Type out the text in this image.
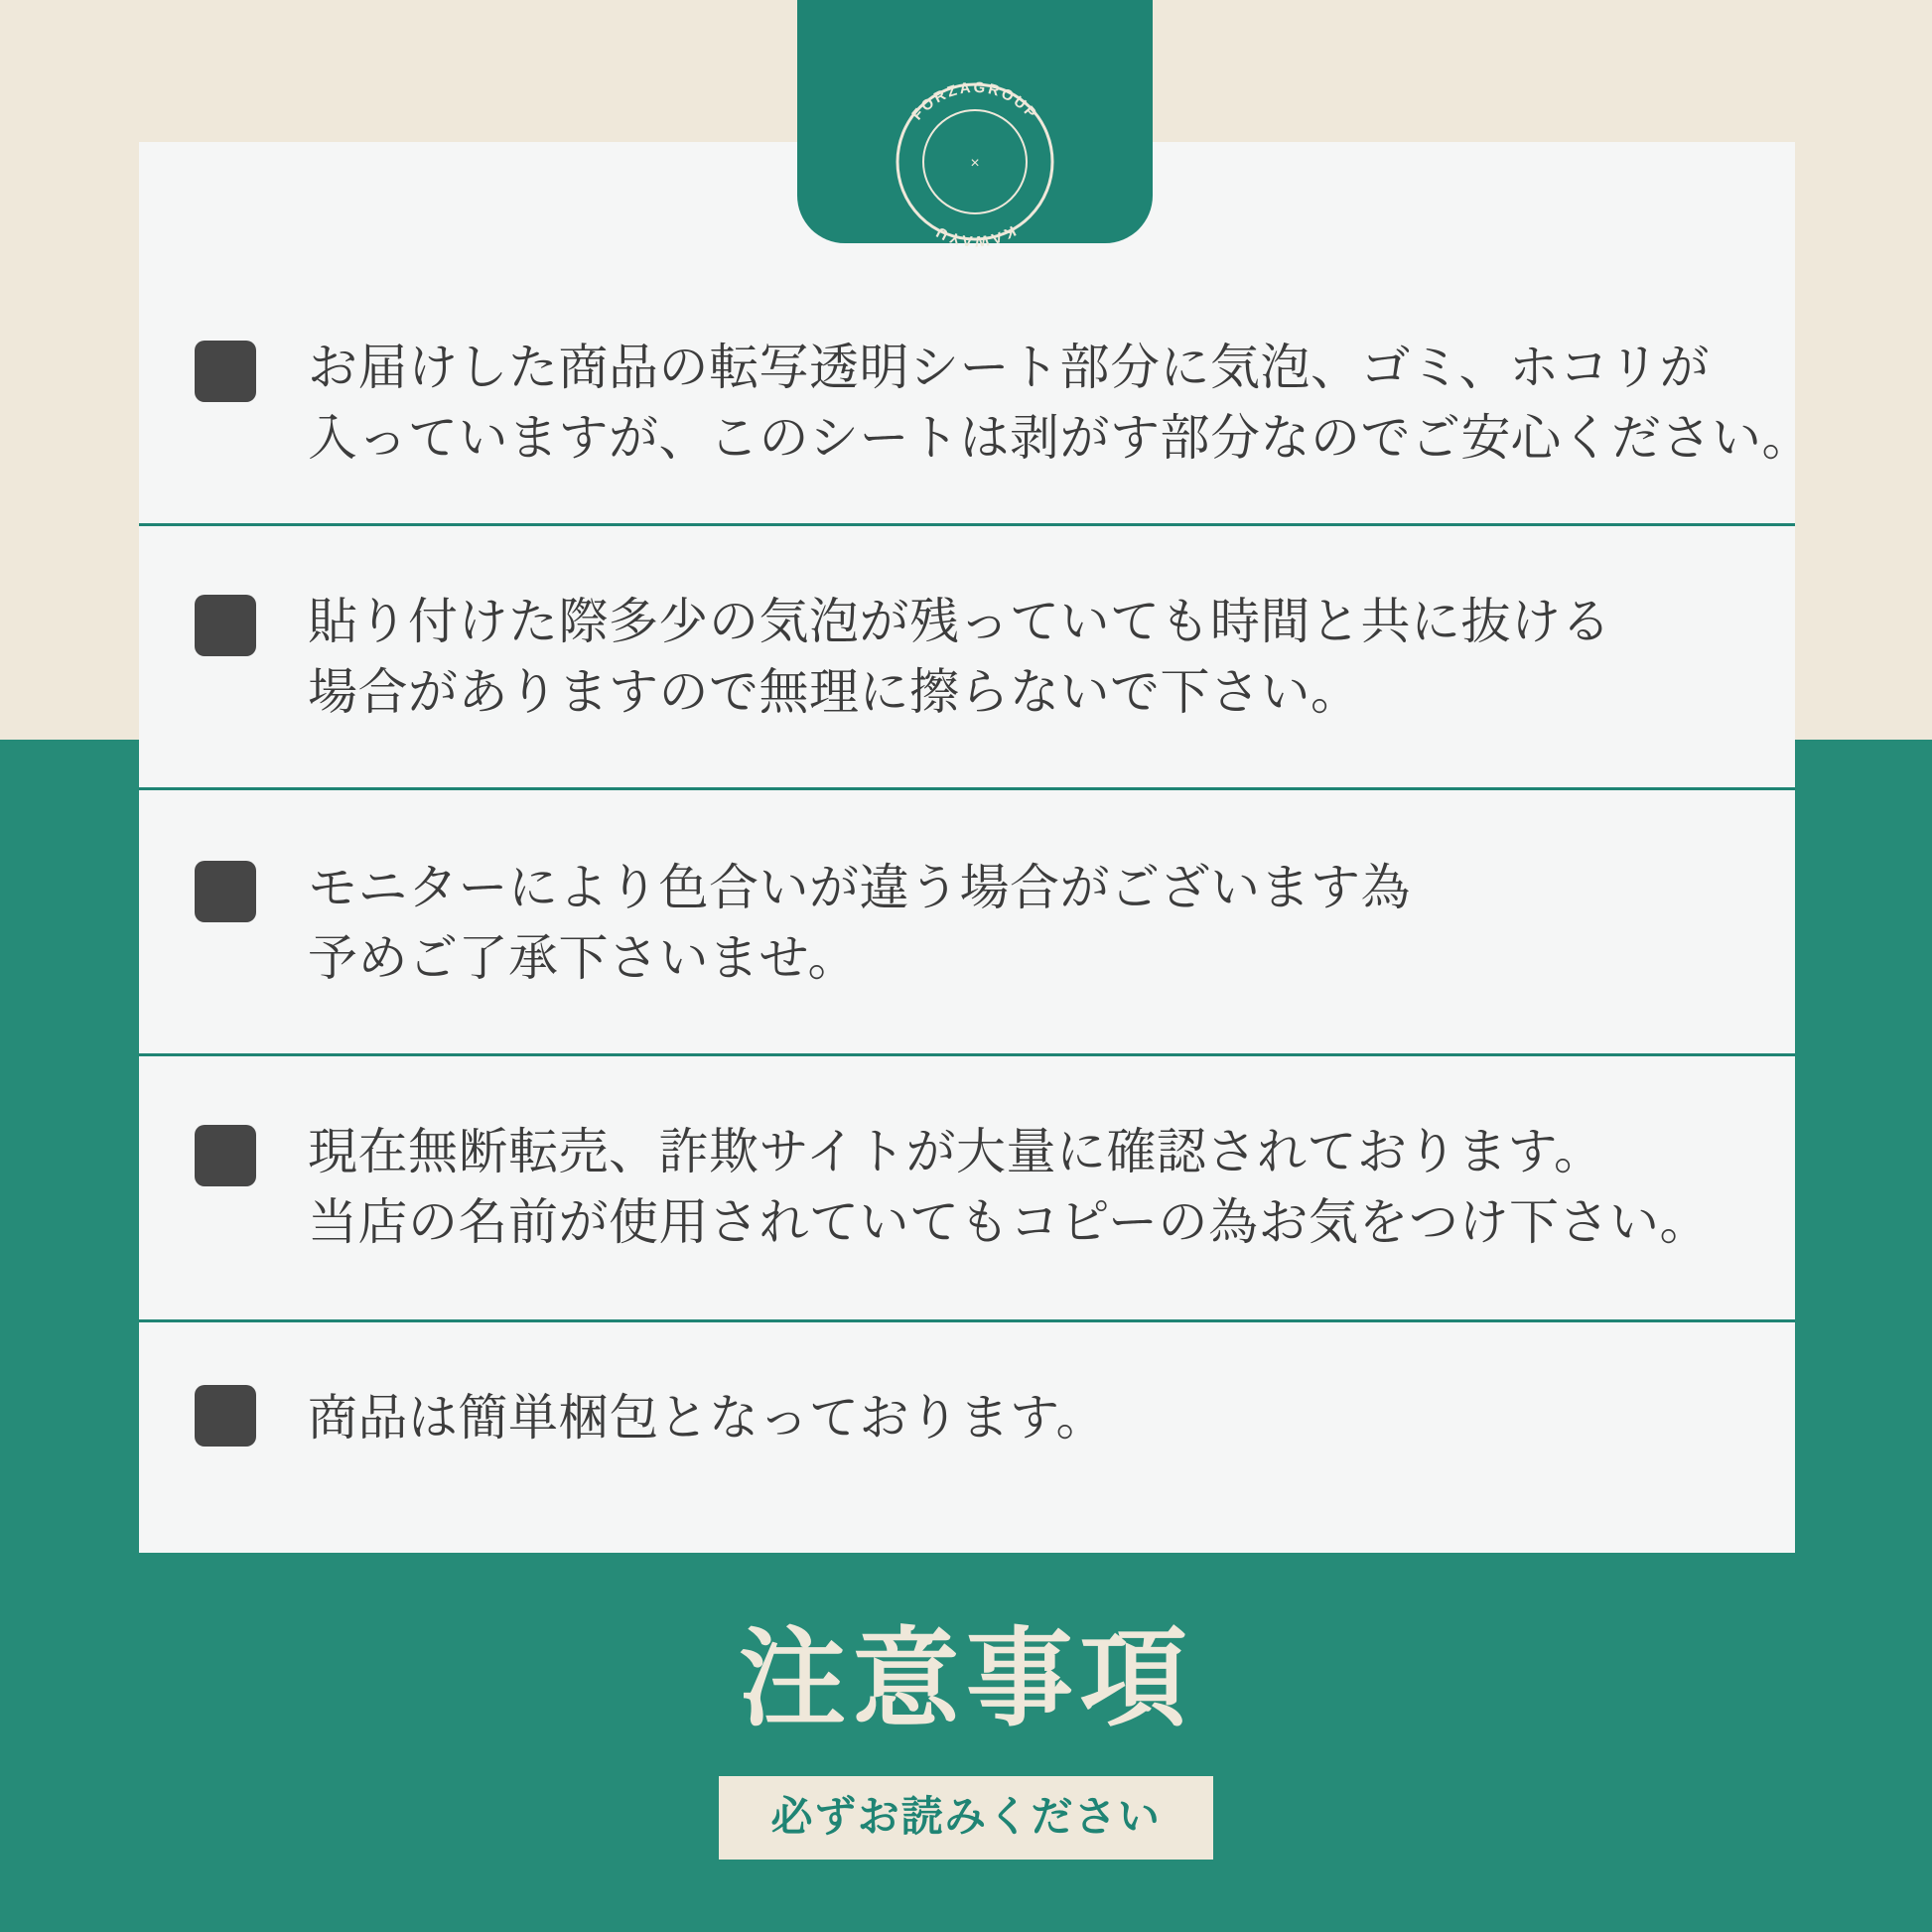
FORZAGROUP
KAWAYU
×
お届けした商品の転写透明シート部分に気泡、ゴミ、ホコリが
入っていますが、このシートは剥がす部分なのでご安心ください。
貼り付けた際多少の気泡が残っていても時間と共に抜ける
場合がありますので無理に擦らないで下さい。
モニターにより色合いが違う場合がございます為
予めご了承下さいませ。
現在無断転売、詐欺サイトが大量に確認されております。
当店の名前が使用されていてもコピーの為お気をつけ下さい。
商品は簡単梱包となっております。
注意事項
必ずお読みください
